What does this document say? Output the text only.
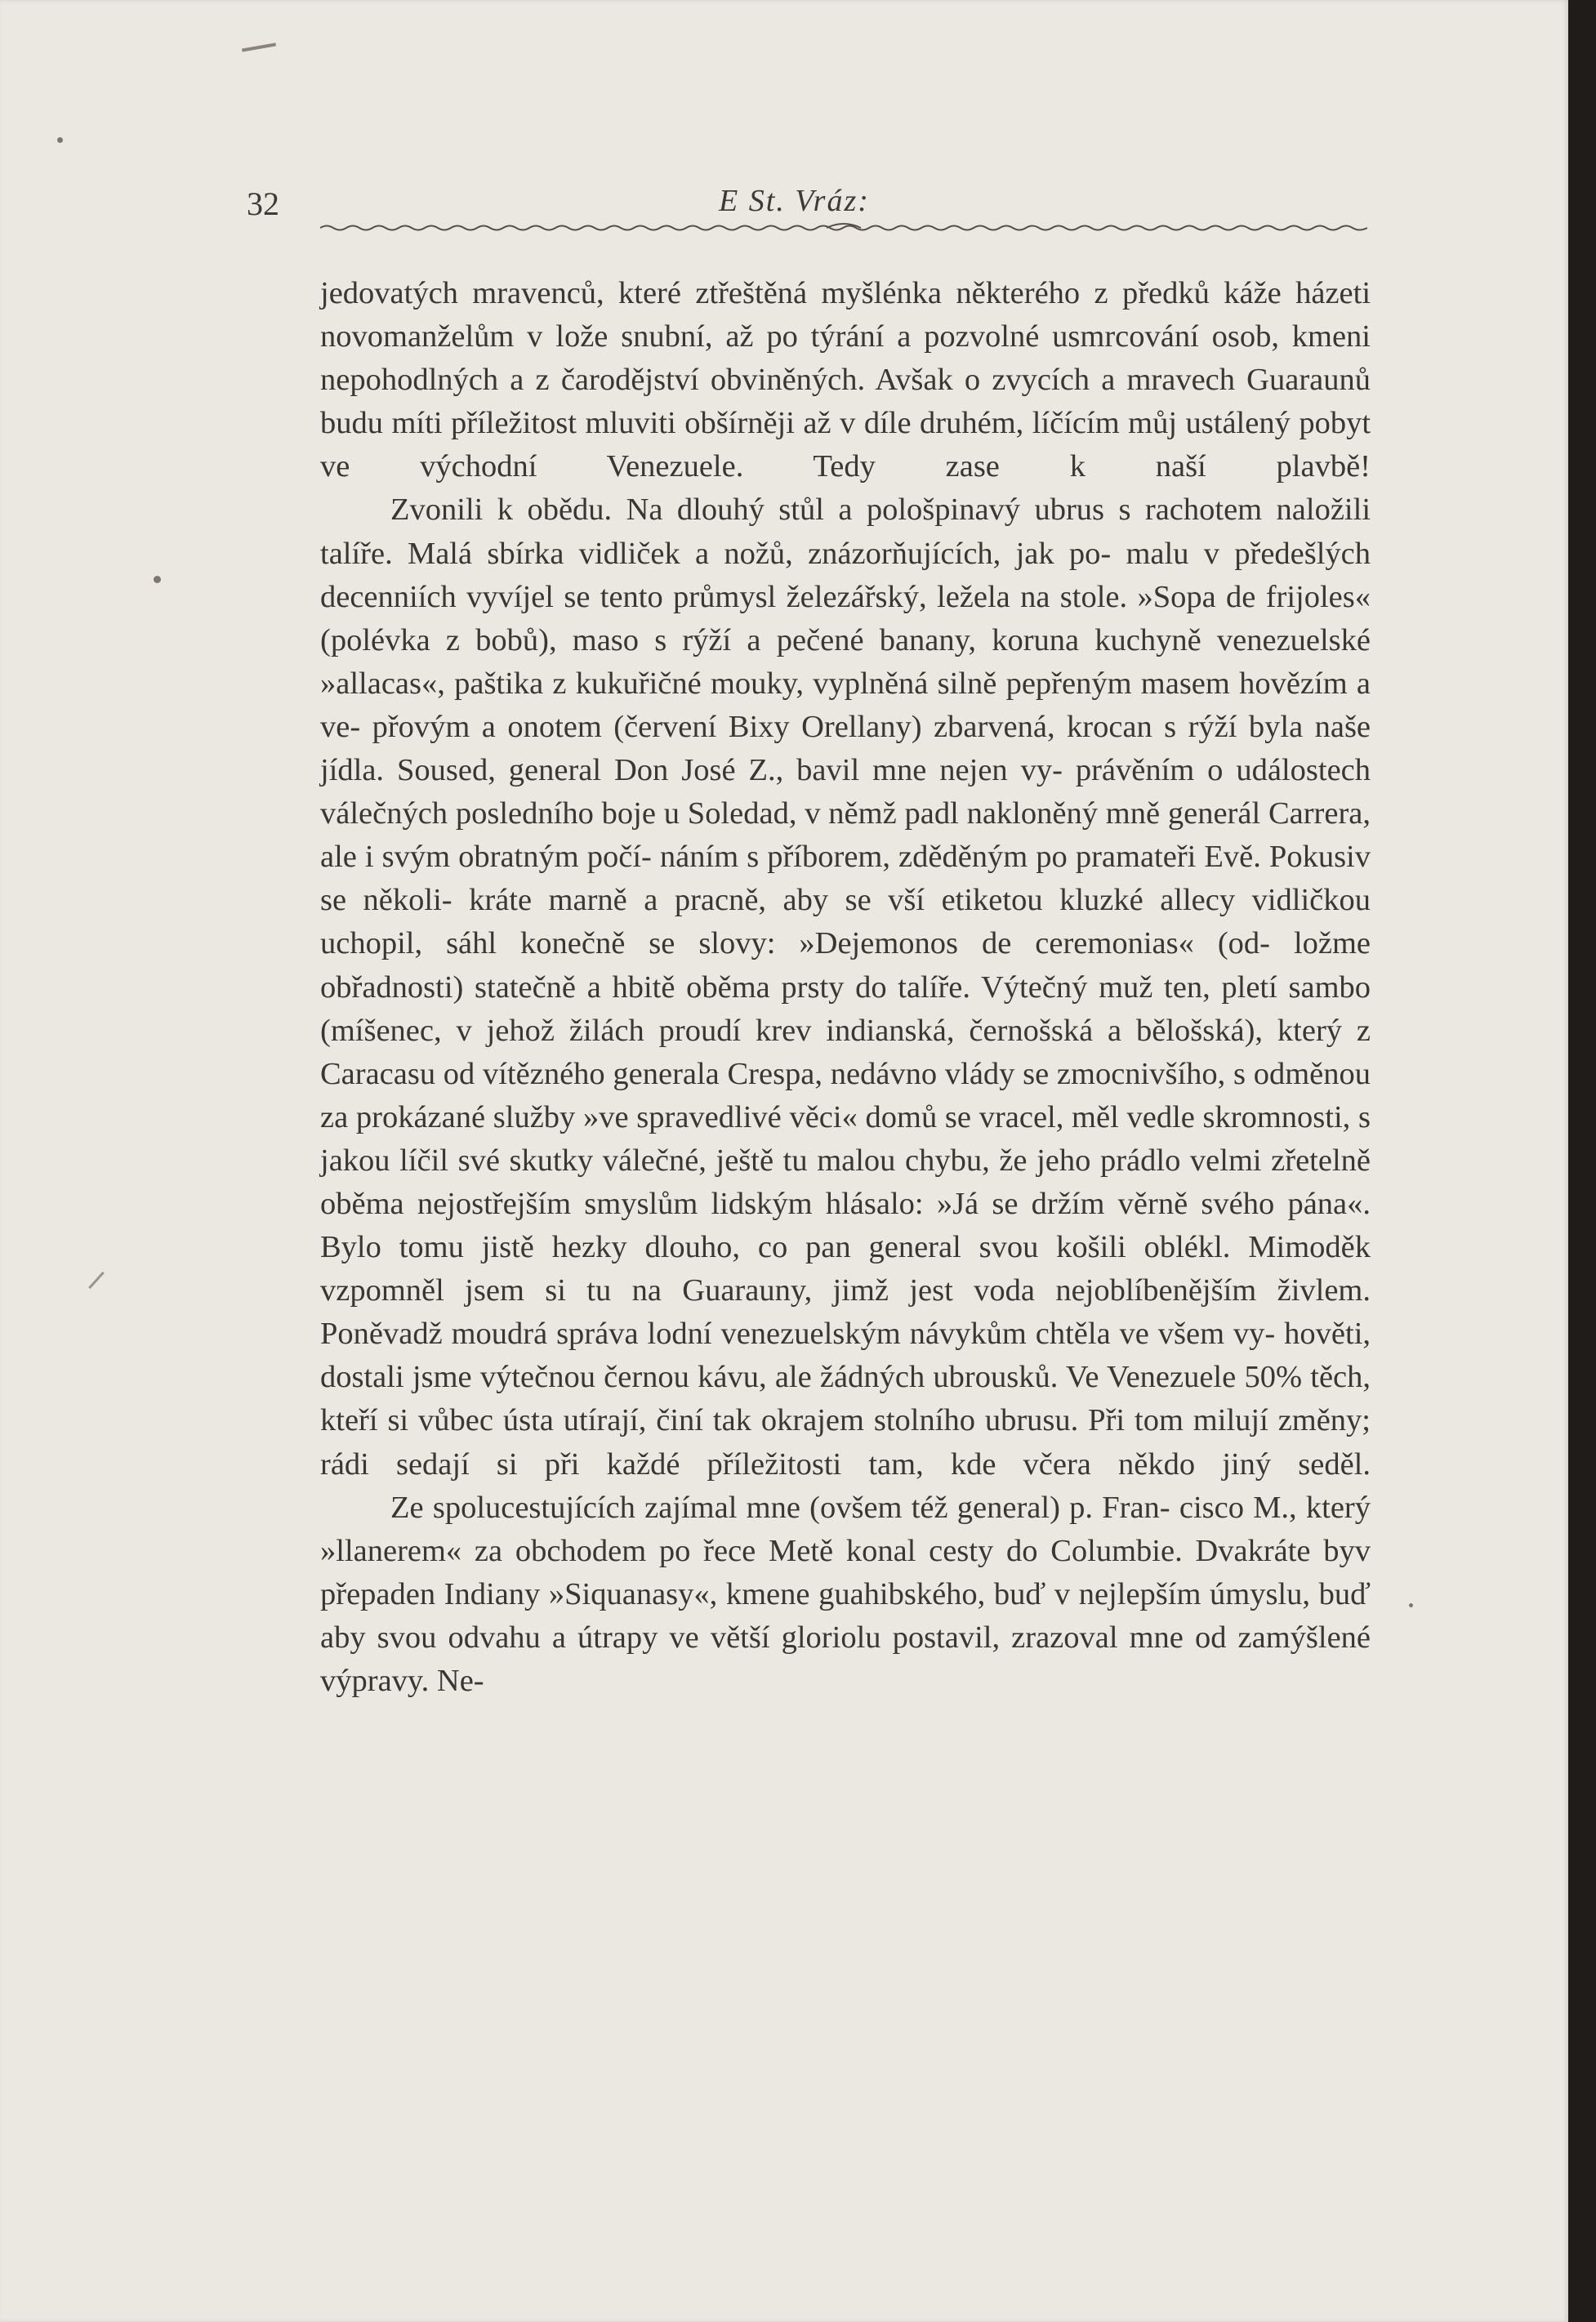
32	E St. Vráz:

jedovatých mravenců, které ztřeštěná myšlénka některého z předků káže házeti novomanželům v lože snubní, až po týrání a pozvolné usmrcování osob, kmeni nepohodlných a z čarodějství obviněných. Avšak o zvycích a mravech Guaraunů budu míti příležitost mluviti obšírněji až v díle druhém, líčícím můj ustálený pobyt ve východní Venezuele. Tedy zase k naší plavbě!

Zvonili k obědu. Na dlouhý stůl a pološpinavý ubrus s rachotem naložili talíře. Malá sbírka vidliček a nožů, znázorňujících, jak po- malu v předešlých decenniích vyvíjel se tento průmysl železářský, ležela na stole. »Sopa de frijoles« (polévka z bobů), maso s rýží a pečené banany, koruna kuchyně venezuelské »allacas«, paštika z kukuřičné mouky, vyplněná silně pepřeným masem hovězím a ve- přovým a onotem (červení Bixy Orellany) zbarvená, krocan s rýží byla naše jídla. Soused, general Don José Z., bavil mne nejen vy- právěním o událostech válečných posledního boje u Soledad, v němž padl nakloněný mně generál Carrera, ale i svým obratným počí- náním s příborem, zděděným po pramateři Evě. Pokusiv se několi- kráte marně a pracně, aby se vší etiketou kluzké allecy vidličkou uchopil, sáhl konečně se slovy: »Dejemonos de ceremonias« (od- ložme obřadnosti) statečně a hbitě oběma prsty do talíře. Výtečný muž ten, pletí sambo (míšenec, v jehož žilách proudí krev indianská, černošská a bělošská), který z Caracasu od vítězného generala Crespa, nedávno vlády se zmocnivšího, s odměnou za prokázané služby »ve spravedlivé věci« domů se vracel, měl vedle skromnosti, s jakou líčil své skutky válečné, ještě tu malou chybu, že jeho prádlo velmi zřetelně oběma nejostřejším smyslům lidským hlásalo: »Já se držím věrně svého pána«. Bylo tomu jistě hezky dlouho, co pan general svou košili oblékl. Mimoděk vzpomněl jsem si tu na Guarauny, jimž jest voda nejoblíbenějším živlem. Poněvadž moudrá správa lodní venezuelským návykům chtěla ve všem vy- hověti, dostali jsme výtečnou černou kávu, ale žádných ubrousků. Ve Venezuele 50% těch, kteří si vůbec ústa utírají, činí tak okrajem stolního ubrusu. Při tom milují změny; rádi sedají si při každé příležitosti tam, kde včera někdo jiný seděl.

Ze spolucestujících zajímal mne (ovšem též general) p. Fran- cisco M., který »llanerem« za obchodem po řece Metě konal cesty do Columbie. Dvakráte byv přepaden Indiany »Siquanasy«, kmene guahibského, buď v nejlepším úmyslu, buď aby svou odvahu a útrapy ve větší gloriolu postavil, zrazoval mne od zamýšlené výpravy. Ne-
